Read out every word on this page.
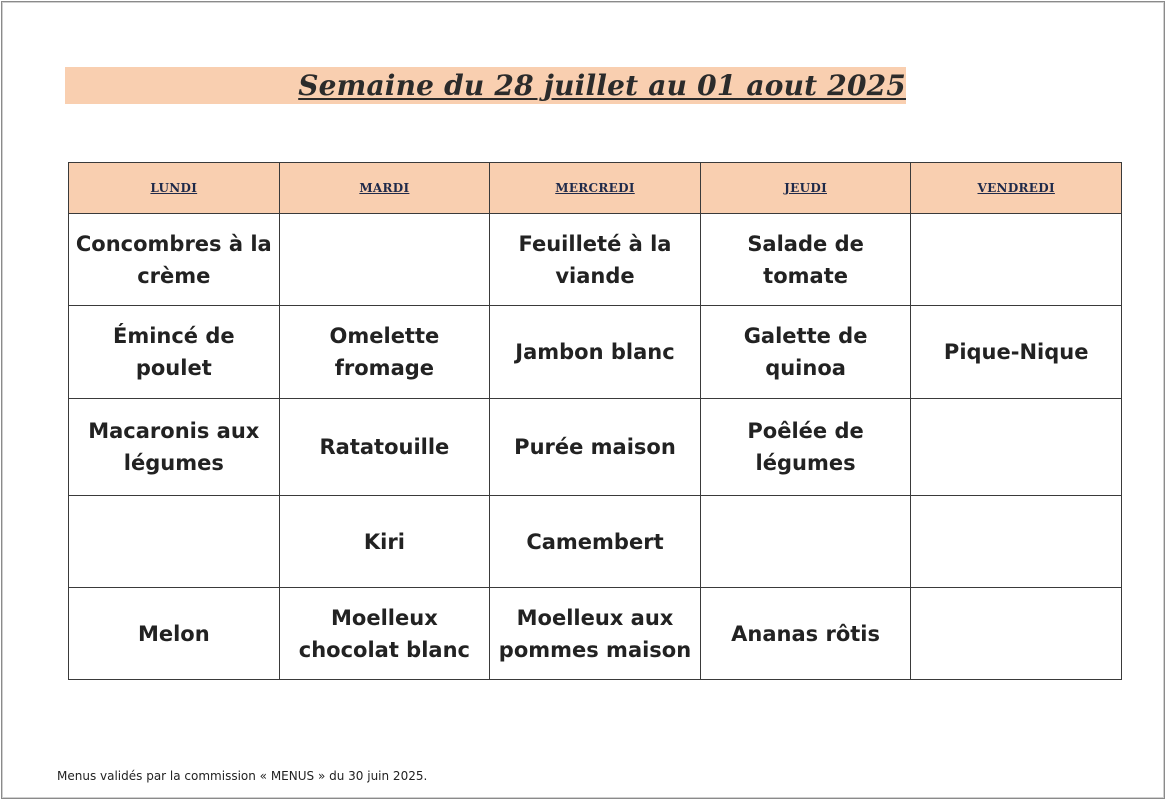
Semaine du 28 juillet au 01 aout 2025
LUNDI	MARDI	MERCREDI	JEUDI	VENDREDI
Concombres à la crème		Feuilleté à la viande	Salade de tomate	
Émincé de poulet	Omelette fromage	Jambon blanc	Galette de quinoa	Pique-Nique
Macaronis aux légumes	Ratatouille	Purée maison	Poêlée de légumes	
	Kiri	Camembert		
Melon	Moelleux chocolat blanc	Moelleux aux pommes maison	Ananas rôtis	
Menus validés par la commission « MENUS » du 30 juin 2025.
